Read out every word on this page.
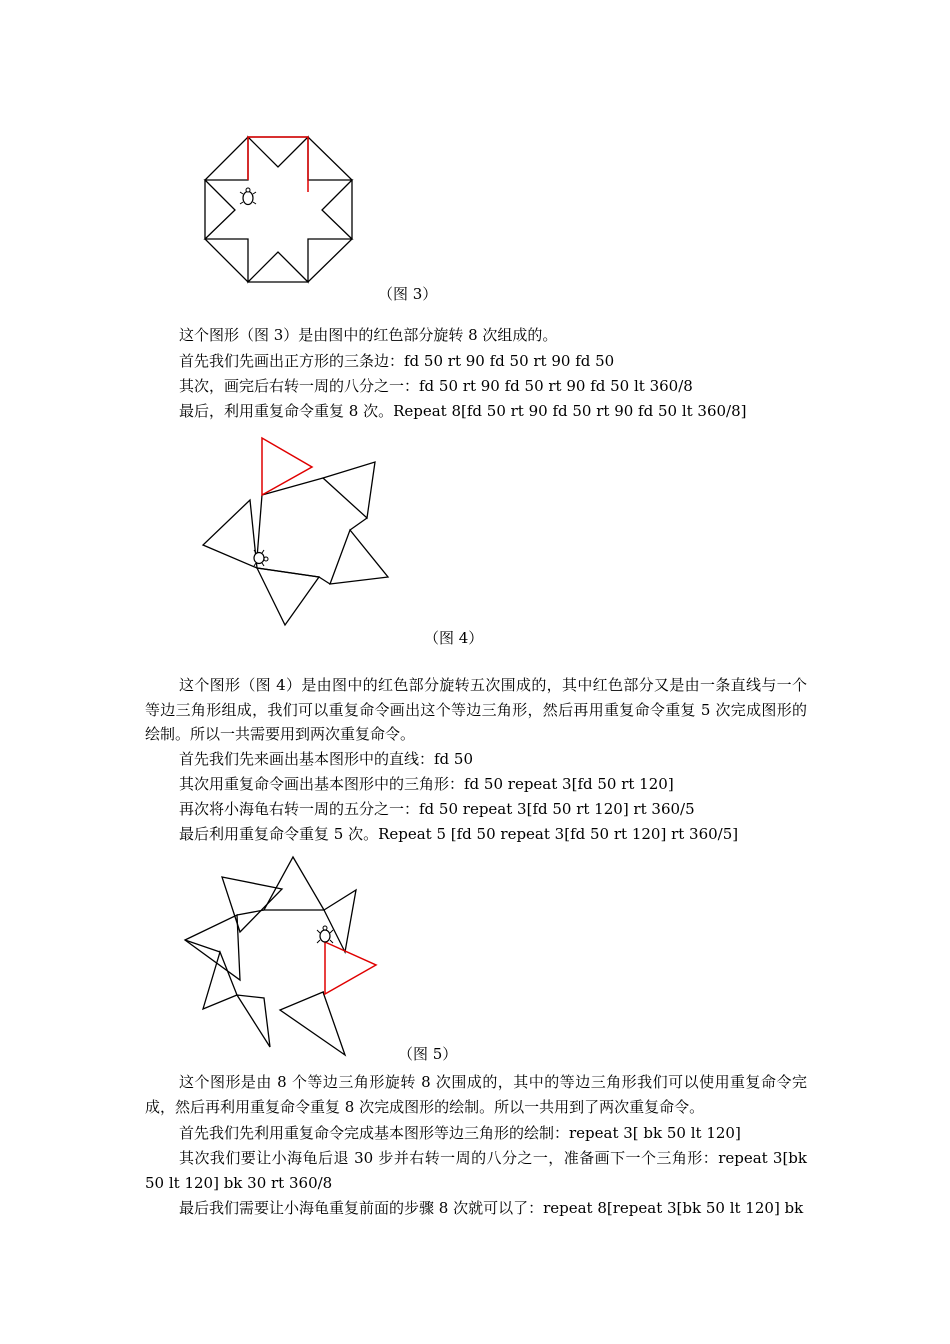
（图 3）
这个图形（图 3）是由图中的红色部分旋转 8 次组成的。
首先我们先画出正方形的三条边：fd 50 rt 90 fd 50 rt 90 fd 50
其次，画完后右转一周的八分之一：fd 50 rt 90 fd 50 rt 90 fd 50 lt 360/8
最后，利用重复命令重复 8 次。Repeat 8[fd 50 rt 90 fd 50 rt 90 fd 50 lt 360/8]
（图 4）
这个图形（图 4）是由图中的红色部分旋转五次围成的，其中红色部分又是由一条直线与一个等边三角形组成，我们可以重复命令画出这个等边三角形，然后再用重复命令重复 5 次完成图形的绘制。所以一共需要用到两次重复命令。
首先我们先来画出基本图形中的直线：fd 50
其次用重复命令画出基本图形中的三角形：fd 50 repeat 3[fd 50 rt 120]
再次将小海龟右转一周的五分之一：fd 50 repeat 3[fd 50 rt 120] rt 360/5
最后利用重复命令重复 5 次。Repeat 5 [fd 50 repeat 3[fd 50 rt 120] rt 360/5]
（图 5）
这个图形是由 8 个等边三角形旋转 8 次围成的，其中的等边三角形我们可以使用重复命令完成，然后再利用重复命令重复 8 次完成图形的绘制。所以一共用到了两次重复命令。
首先我们先利用重复命令完成基本图形等边三角形的绘制：repeat 3[ bk 50 lt 120]
其次我们要让小海龟后退 30 步并右转一周的八分之一，准备画下一个三角形：repeat 3[bk 50 lt 120] bk 30 rt 360/8
最后我们需要让小海龟重复前面的步骤 8 次就可以了：repeat 8[repeat 3[bk 50 lt 120] bk
